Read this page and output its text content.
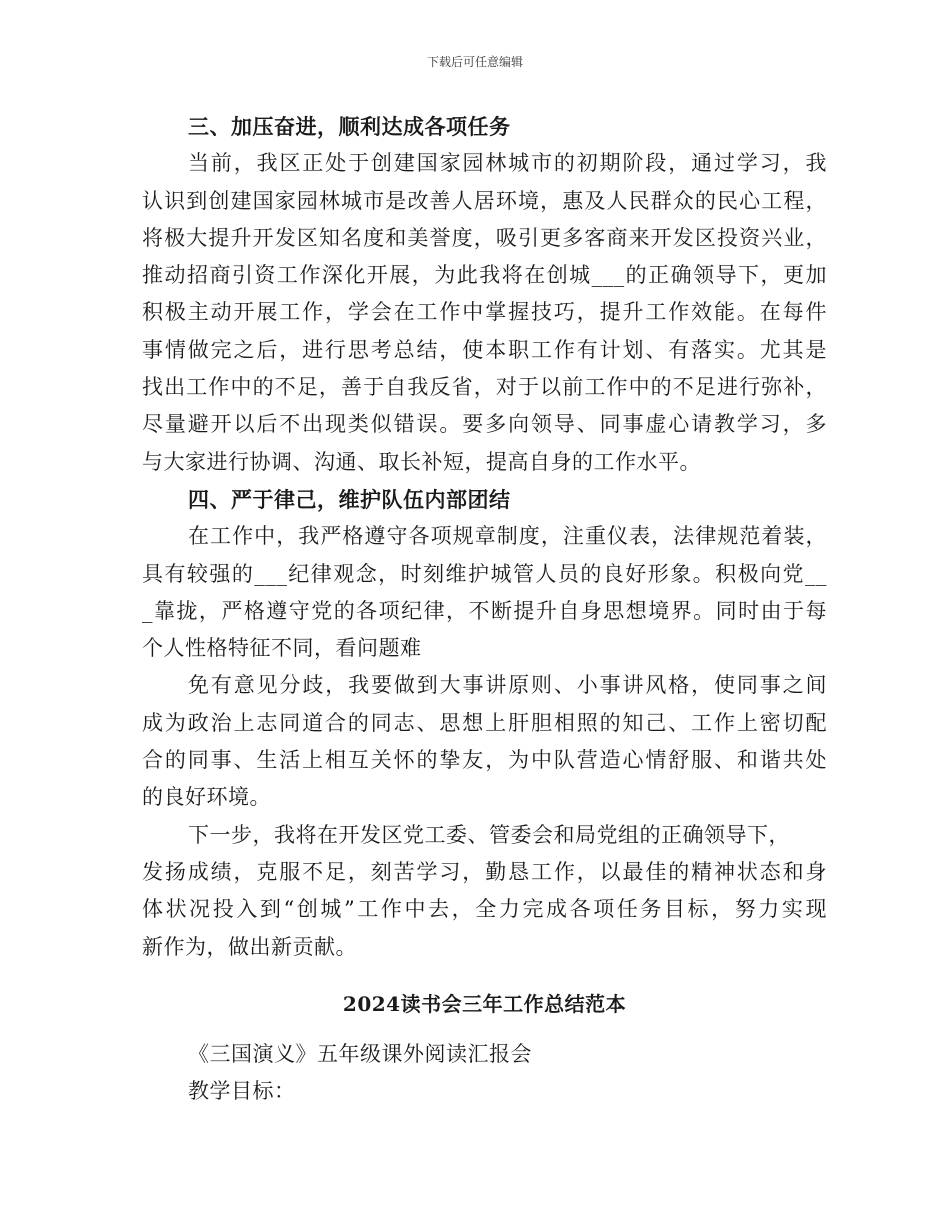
下载后可任意编辑
三、加压奋进，顺利达成各项任务
当前，我区正处于创建国家园林城市的初期阶段，通过学习，我
认识到创建国家园林城市是改善人居环境，惠及人民群众的民心工程，
将极大提升开发区知名度和美誉度，吸引更多客商来开发区投资兴业，
推动招商引资工作深化开展，为此我将在创城___的正确领导下，更加
积极主动开展工作，学会在工作中掌握技巧，提升工作效能。在每件
事情做完之后，进行思考总结，使本职工作有计划、有落实。尤其是
找出工作中的不足，善于自我反省，对于以前工作中的不足进行弥补，
尽量避开以后不出现类似错误。要多向领导、同事虚心请教学习，多
与大家进行协调、沟通、取长补短，提高自身的工作水平。
四、严于律己，维护队伍内部团结
在工作中，我严格遵守各项规章制度，注重仪表，法律规范着装，
具有较强的___纪律观念，时刻维护城管人员的良好形象。积极向党__
_靠拢，严格遵守党的各项纪律，不断提升自身思想境界。同时由于每
个人性格特征不同，看问题难
免有意见分歧，我要做到大事讲原则、小事讲风格，使同事之间
成为政治上志同道合的同志、思想上肝胆相照的知己、工作上密切配
合的同事、生活上相互关怀的挚友，为中队营造心情舒服、和谐共处
的良好环境。
下一步，我将在开发区党工委、管委会和局党组的正确领导下，
发扬成绩，克服不足，刻苦学习，勤恳工作，以最佳的精神状态和身
体状况投入到“创城”工作中去，全力完成各项任务目标，努力实现
新作为，做出新贡献。
2024读书会三年工作总结范本
《三国演义》五年级课外阅读汇报会
教学目标：
